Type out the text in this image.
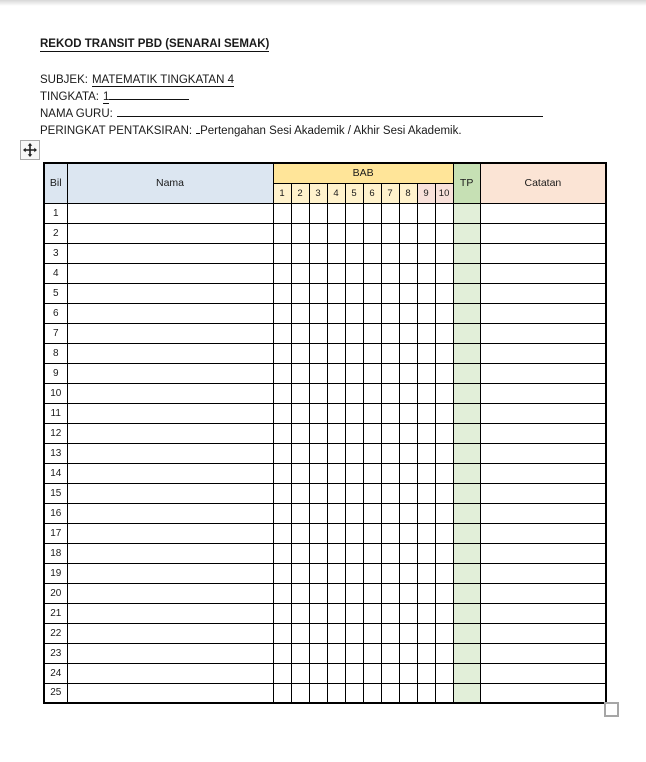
REKOD TRANSIT PBD (SENARAI SEMAK)
SUBJEK: MATEMATIK TINGKATAN 4
TINGKATA: 1
NAMA GURU:
PERINGKAT PENTAKSIRAN: Pertengahan Sesi Akademik / Akhir Sesi Akademik.
Bil	Nama	BAB										TP	Catatan
		1	2	3	4	5	6	7	8	9	10		
1													
2													
3													
4													
5													
6													
7													
8													
9													
10													
11													
12													
13													
14													
15													
16													
17													
18													
19													
20													
21													
22													
23													
24													
25													
